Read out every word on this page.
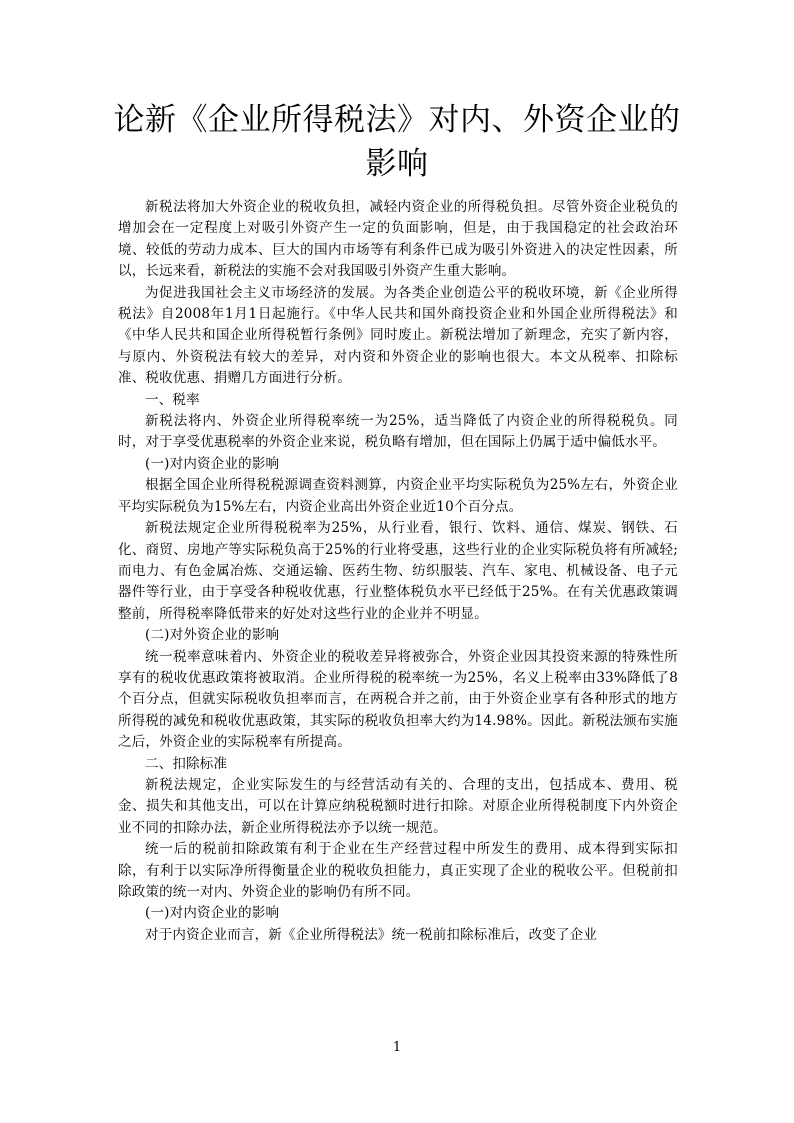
论新《企业所得税法》对内、外资企业的
影响

新税法将加大外资企业的税收负担，减轻内资企业的所得税负担。尽管外资企业税负的增加会在一定程度上对吸引外资产生一定的负面影响，但是，由于我国稳定的社会政治环境、较低的劳动力成本、巨大的国内市场等有利条件已成为吸引外资进入的决定性因素，所以，长远来看，新税法的实施不会对我国吸引外资产生重大影响。

为促进我国社会主义市场经济的发展。为各类企业创造公平的税收环境，新《企业所得税法》自2008年1月1日起施行。《中华人民共和国外商投资企业和外国企业所得税法》和《中华人民共和国企业所得税暂行条例》同时废止。新税法增加了新理念，充实了新内容，与原内、外资税法有较大的差异，对内资和外资企业的影响也很大。本文从税率、扣除标准、税收优惠、捐赠几方面进行分析。

一、税率

新税法将内、外资企业所得税率统一为25%，适当降低了内资企业的所得税税负。同时，对于享受优惠税率的外资企业来说，税负略有增加，但在国际上仍属于适中偏低水平。

(一)对内资企业的影响

根据全国企业所得税税源调查资料测算，内资企业平均实际税负为25%左右，外资企业平均实际税负为15%左右，内资企业高出外资企业近10个百分点。

新税法规定企业所得税税率为25%，从行业看，银行、饮料、通信、煤炭、钢铁、石化、商贸、房地产等实际税负高于25%的行业将受惠，这些行业的企业实际税负将有所减轻;而电力、有色金属冶炼、交通运输、医药生物、纺织服装、汽车、家电、机械设备、电子元器件等行业，由于享受各种税收优惠，行业整体税负水平已经低于25%。在有关优惠政策调整前，所得税率降低带来的好处对这些行业的企业并不明显。

(二)对外资企业的影响

统一税率意味着内、外资企业的税收差异将被弥合，外资企业因其投资来源的特殊性所享有的税收优惠政策将被取消。企业所得税的税率统一为25%，名义上税率由33%降低了8个百分点，但就实际税收负担率而言，在两税合并之前，由于外资企业享有各种形式的地方所得税的减免和税收优惠政策，其实际的税收负担率大约为14.98%。因此。新税法颁布实施之后，外资企业的实际税率有所提高。

二、扣除标准

新税法规定，企业实际发生的与经营活动有关的、合理的支出，包括成本、费用、税金、损失和其他支出，可以在计算应纳税税额时进行扣除。对原企业所得税制度下内外资企业不同的扣除办法，新企业所得税法亦予以统一规范。

统一后的税前扣除政策有利于企业在生产经营过程中所发生的费用、成本得到实际扣除，有利于以实际净所得衡量企业的税收负担能力，真正实现了企业的税收公平。但税前扣除政策的统一对内、外资企业的影响仍有所不同。

(一)对内资企业的影响

对于内资企业而言，新《企业所得税法》统一税前扣除标准后，改变了企业

1
